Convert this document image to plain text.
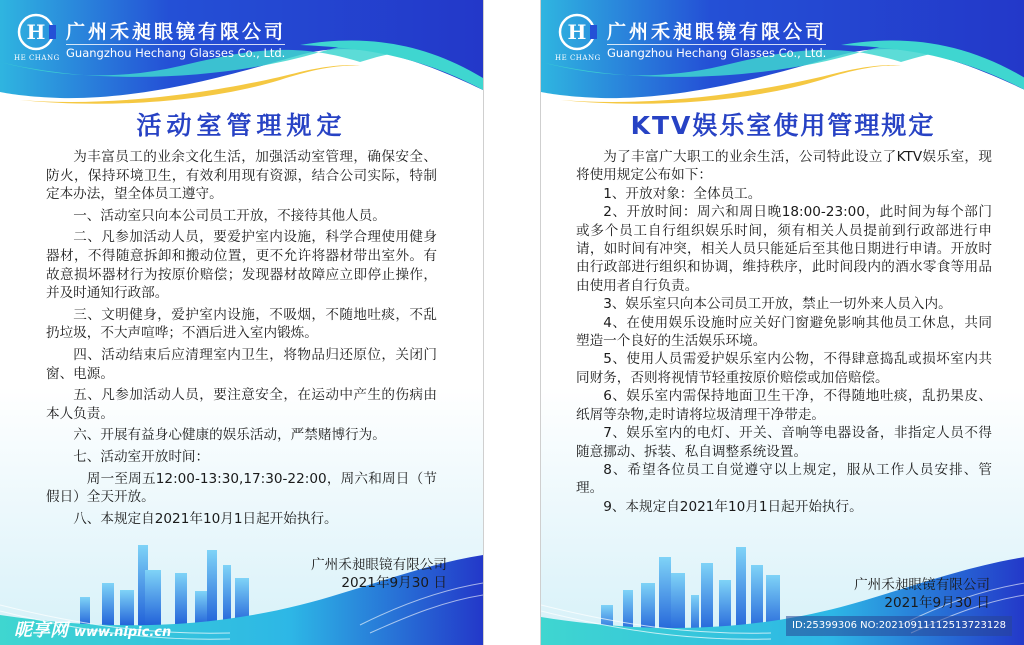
H
HE CHANG
广州禾昶眼镜有限公司
Guangzhou Hechang Glasses Co., Ltd.
活动室管理规定

为丰富员工的业余文化生活，加强活动室管理，确保安全、防火，保持环境卫生，有效利用现有资源，结合公司实际，特制定本办法，望全体员工遵守。

一、活动室只向本公司员工开放，不接待其他人员。

二、凡参加活动人员，要爱护室内设施，科学合理使用健身器材，不得随意拆卸和搬动位置，更不允许将器材带出室外。有故意损坏器材行为按原价赔偿；发现器材故障应立即停止操作，并及时通知行政部。

三、文明健身，爱护室内设施，不吸烟，不随地吐痰，不乱扔垃圾，不大声喧哗；不酒后进入室内锻炼。

四、活动结束后应清理室内卫生，将物品归还原位，关闭门窗、电源。

五、凡参加活动人员，要注意安全，在运动中产生的伤病由本人负责。

六、开展有益身心健康的娱乐活动，严禁赌博行为。

七、活动室开放时间：

周一至周五12:00-13:30,17:30-22:00，周六和周日（节假日）全天开放。

八、本规定自2021年10月1日起开始执行。

广州禾昶眼镜有限公司
2021年9月30 日
H
HE CHANG
广州禾昶眼镜有限公司
Guangzhou Hechang Glasses Co., Ltd.
KTV娱乐室使用管理规定

为了丰富广大职工的业余生活，公司特此设立了KTV娱乐室，现将使用规定公布如下：

1、开放对象：全体员工。

2、开放时间：周六和周日晚18:00-23:00，此时间为每个部门或多个员工自行组织娱乐时间，须有相关人员提前到行政部进行申请，如时间有冲突，相关人员只能延后至其他日期进行申请。开放时由行政部进行组织和协调，维持秩序，此时间段内的酒水零食等用品由使用者自行负责。

3、娱乐室只向本公司员工开放，禁止一切外来人员入内。

4、在使用娱乐设施时应关好门窗避免影响其他员工休息，共同塑造一个良好的生活娱乐环境。

5、使用人员需爱护娱乐室内公物，不得肆意捣乱或损坏室内共同财务，否则将视情节轻重按原价赔偿或加倍赔偿。

6、娱乐室内需保持地面卫生干净，不得随地吐痰，乱扔果皮、纸屑等杂物,走时请将垃圾清理干净带走。

7、娱乐室内的电灯、开关、音响等电器设备，非指定人员不得随意挪动、拆装、私自调整系统设置。

8、希望各位员工自觉遵守以上规定，服从工作人员安排、管理。

9、本规定自2021年10月1日起开始执行。

广州禾昶眼镜有限公司
2021年9月30 日
昵享网 www.nipic.cn	ID:25399306 NO:20210911112513723128
